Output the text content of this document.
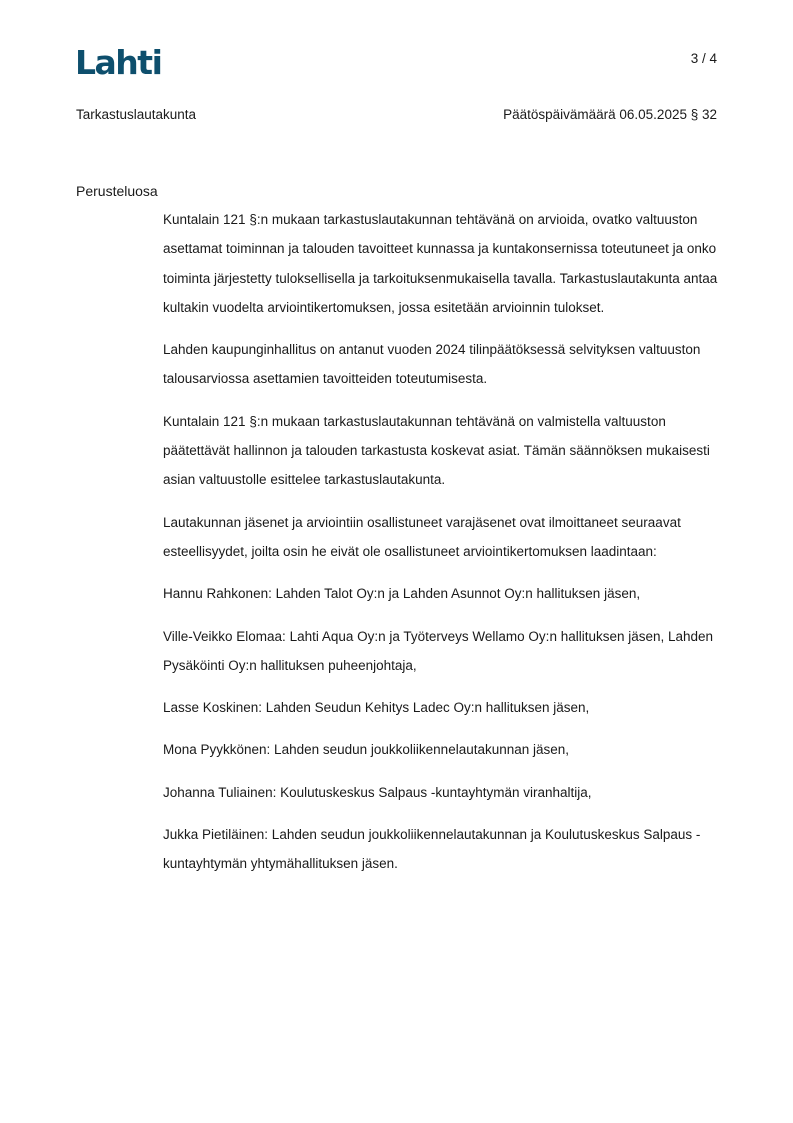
Lahti	3 / 4
Tarkastuslautakunta	Päätöspäivämäärä 06.05.2025 § 32
Perusteluosa

Kuntalain 121 §:n mukaan tarkastuslautakunnan tehtävänä on arvioida, ovatko valtuuston asettamat toiminnan ja talouden tavoitteet kunnassa ja kuntakonsernissa toteutuneet ja onko toiminta järjestetty tuloksellisella ja tarkoituksenmukaisella tavalla. Tarkastuslautakunta antaa kultakin vuodelta arviointikertomuksen, jossa esitetään arvioinnin tulokset.

Lahden kaupunginhallitus on antanut vuoden 2024 tilinpäätöksessä selvityksen valtuuston talousarviossa asettamien tavoitteiden toteutumisesta.

Kuntalain 121 §:n mukaan tarkastuslautakunnan tehtävänä on valmistella valtuuston päätettävät hallinnon ja talouden tarkastusta koskevat asiat. Tämän säännöksen mukaisesti asian valtuustolle esittelee tarkastuslautakunta.

Lautakunnan jäsenet ja arviointiin osallistuneet varajäsenet ovat ilmoittaneet seuraavat esteellisyydet, joilta osin he eivät ole osallistuneet arviointikertomuksen laadintaan:

Hannu Rahkonen: Lahden Talot Oy:n ja Lahden Asunnot Oy:n hallituksen jäsen,

Ville-Veikko Elomaa: Lahti Aqua Oy:n ja Työterveys Wellamo Oy:n hallituksen jäsen, Lahden Pysäköinti Oy:n hallituksen puheenjohtaja,

Lasse Koskinen: Lahden Seudun Kehitys Ladec Oy:n hallituksen jäsen,

Mona Pyykkönen: Lahden seudun joukkoliikennelautakunnan jäsen,

Johanna Tuliainen: Koulutuskeskus Salpaus -kuntayhtymän viranhaltija,

Jukka Pietiläinen: Lahden seudun joukkoliikennelautakunnan ja Koulutuskeskus Salpaus -kuntayhtymän yhtymähallituksen jäsen.
